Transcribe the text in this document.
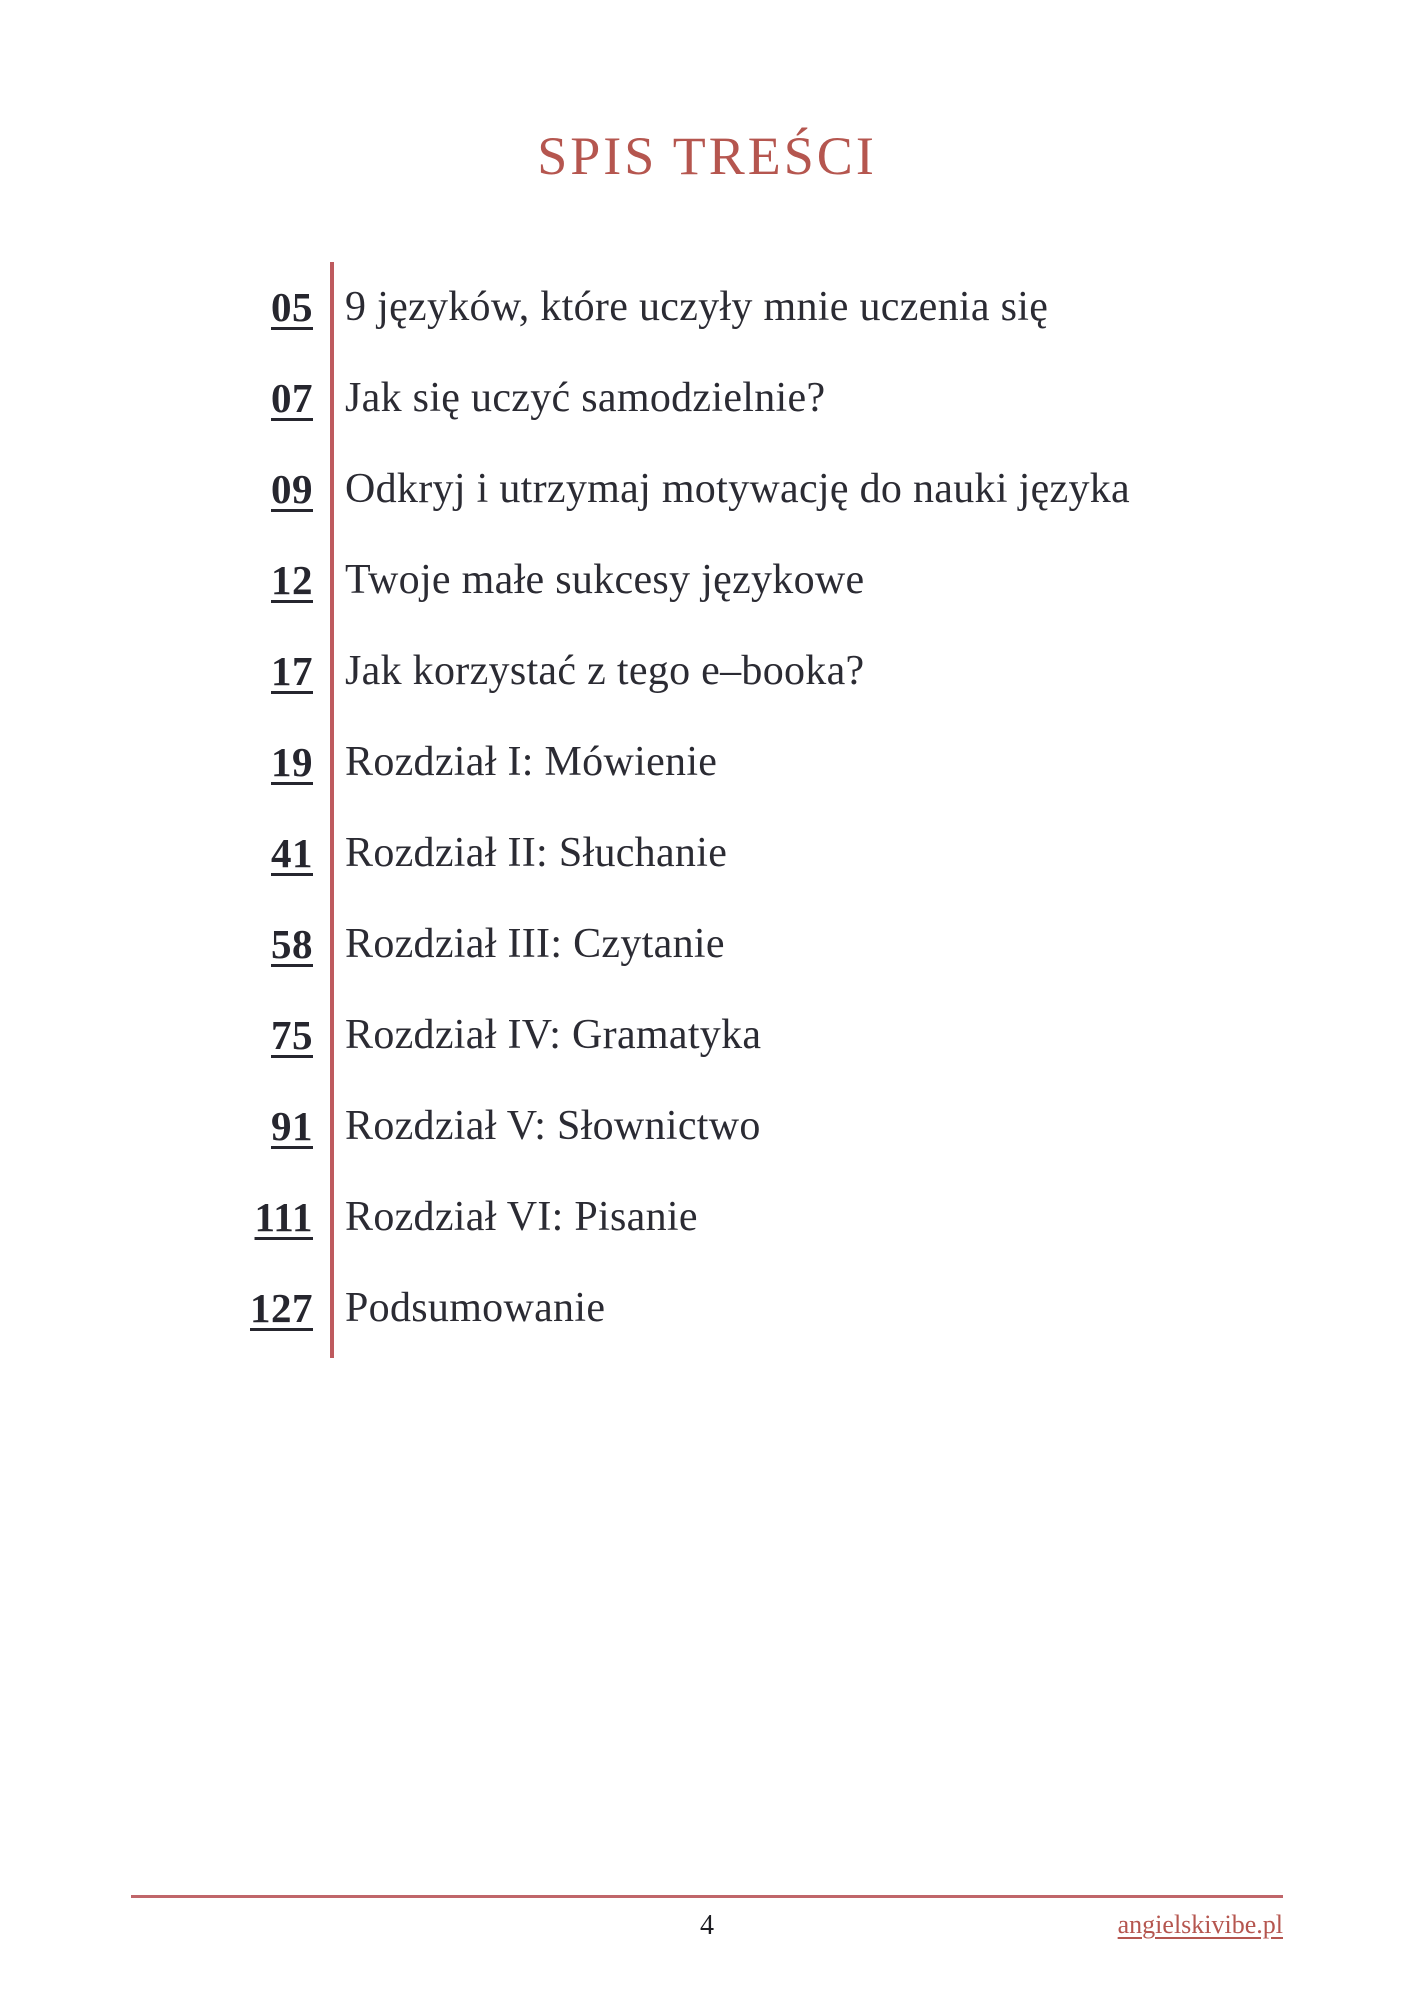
SPIS TREŚCI
05 9 języków, które uczyły mnie uczenia się
07 Jak się uczyć samodzielnie?
09 Odkryj i utrzymaj motywację do nauki języka
12 Twoje małe sukcesy językowe
17 Jak korzystać z tego e–booka?
19 Rozdział I: Mówienie
41 Rozdział II: Słuchanie
58 Rozdział III: Czytanie
75 Rozdział IV: Gramatyka
91 Rozdział V: Słownictwo
111 Rozdział VI: Pisanie
127 Podsumowanie
4	angielskivibe.pl
